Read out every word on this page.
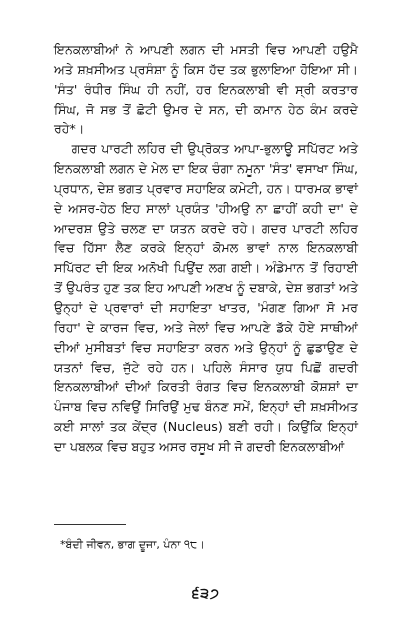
ਇਨਕਲਾਬੀਆਂ ਨੇ ਆਪਣੀ ਲਗਨ ਦੀ ਮਸਤੀ ਵਿਚ ਆਪਣੀ ਹਉਮੈ ਅਤੇ ਸ਼ਖ਼ਸੀਅਤ ਪ੍ਰਸੰਸ਼ਾ ਨੂੰ ਕਿਸ ਹੱਦ ਤਕ ਭੁਲਾਇਆ ਹੋਇਆ ਸੀ। 'ਸੰਤ' ਰੰਧੀਰ ਸਿੰਘ ਹੀ ਨਹੀਂ, ਹਰ ਇਨਕਲਾਬੀ ਵੀ ਸ੍ਰੀ ਕਰਤਾਰ ਸਿੰਘ, ਜੋ ਸਭ ਤੋਂ ਛੋਟੀ ਉਮਰ ਦੇ ਸਨ, ਦੀ ਕਮਾਨ ਹੇਠ ਕੰਮ ਕਰਦੇ ਰਹੇ*।

ਗਦਰ ਪਾਰਟੀ ਲਹਿਰ ਦੀ ਉਪ੍ਰੋਕਤ ਆਪਾ-ਭੁਲਾਊ ਸਪਿੱਰਟ ਅਤੇ ਇਨਕਲਾਬੀ ਲਗਨ ਦੇ ਮੇਲ ਦਾ ਇਕ ਚੰਗਾ ਨਮੂਨਾ 'ਸੰਤ' ਵਸਾਖਾ ਸਿੰਘ, ਪ੍ਰਧਾਨ, ਦੇਸ਼ ਭਗਤ ਪ੍ਰਵਾਰ ਸਹਾਇਕ ਕਮੇਟੀ, ਹਨ। ਧਾਰਮਕ ਭਾਵਾਂ ਦੇ ਅਸਰ-ਹੇਠ ਇਹ ਸਾਲਾਂ ਪ੍ਰਯੰਤ 'ਹੀਅਉ ਨਾ ਛਾਹੀਂ ਕਹੀ ਦਾ' ਦੇ ਆਦਰਸ਼ ਉਤੇ ਚਲਣ ਦਾ ਯਤਨ ਕਰਦੇ ਰਹੇ। ਗਦਰ ਪਾਰਟੀ ਲਹਿਰ ਵਿਚ ਹਿੱਸਾ ਲੈਣ ਕਰਕੇ ਇਨ੍ਹਾਂ ਕੋਮਲ ਭਾਵਾਂ ਨਾਲ ਇਨਕਲਾਬੀ ਸਪਿੱਰਟ ਦੀ ਇਕ ਅਨੋਖੀ ਪਿਉਂਦ ਲਗ ਗਈ। ਅੰਡੇਮਾਨ ਤੋਂ ਰਿਹਾਈ ਤੋਂ ਉਪਰੰਤ ਹੁਣ ਤਕ ਇਹ ਆਪਣੀ ਅਣਖ ਨੂੰ ਦਬਾਕੇ, ਦੇਸ਼ ਭਗਤਾਂ ਅਤੇ ਉਨ੍ਹਾਂ ਦੇ ਪ੍ਰਵਾਰਾਂ ਦੀ ਸਹਾਇਤਾ ਖਾਤਰ, 'ਮੰਗਣ ਗਿਆ ਸੋ ਮਰ ਰਿਹਾ' ਦੇ ਕਾਰਜ ਵਿਚ, ਅਤੇ ਜੇਲਾਂ ਵਿਚ ਆਪਣੇ ਡੱਕੇ ਹੋਏ ਸਾਥੀਆਂ ਦੀਆਂ ਮੁਸੀਬਤਾਂ ਵਿਚ ਸਹਾਇਤਾ ਕਰਨ ਅਤੇ ਉਨ੍ਹਾਂ ਨੂੰ ਛੁਡਾਉਣ ਦੇ ਯਤਨਾਂ ਵਿਚ, ਜੁੱਟੇ ਰਹੇ ਹਨ। ਪਹਿਲੇ ਸੰਸਾਰ ਯੁਧ ਪਿਛੋਂ ਗਦਰੀ ਇਨਕਲਾਬੀਆਂ ਦੀਆਂ ਕਿਰਤੀ ਰੰਗਤ ਵਿਚ ਇਨਕਲਾਬੀ ਕੋਸ਼ਸ਼ਾਂ ਦਾ ਪੰਜਾਬ ਵਿਚ ਨਵਿਉਂ ਸਿਰਿਉਂ ਮੁਢ ਬੰਨਣ ਸਮੇਂ, ਇਨ੍ਹਾਂ ਦੀ ਸ਼ਖ਼ਸੀਅਤ ਕਈ ਸਾਲਾਂ ਤਕ ਕੇਂਦ੍ਰ (Nucleus) ਬਣੀ ਰਹੀ। ਕਿਉਂਕਿ ਇਨ੍ਹਾਂ ਦਾ ਪਬਲਕ ਵਿਚ ਬਹੁਤ ਅਸਰ ਰਸੂਖ ਸੀ ਜੋ ਗਦਰੀ ਇਨਕਲਾਬੀਆਂ

*ਬੰਦੀ ਜੀਵਨ, ਭਾਗ ਦੂਜਾ, ਪੰਨਾ ੧੮।
੬੩੭
